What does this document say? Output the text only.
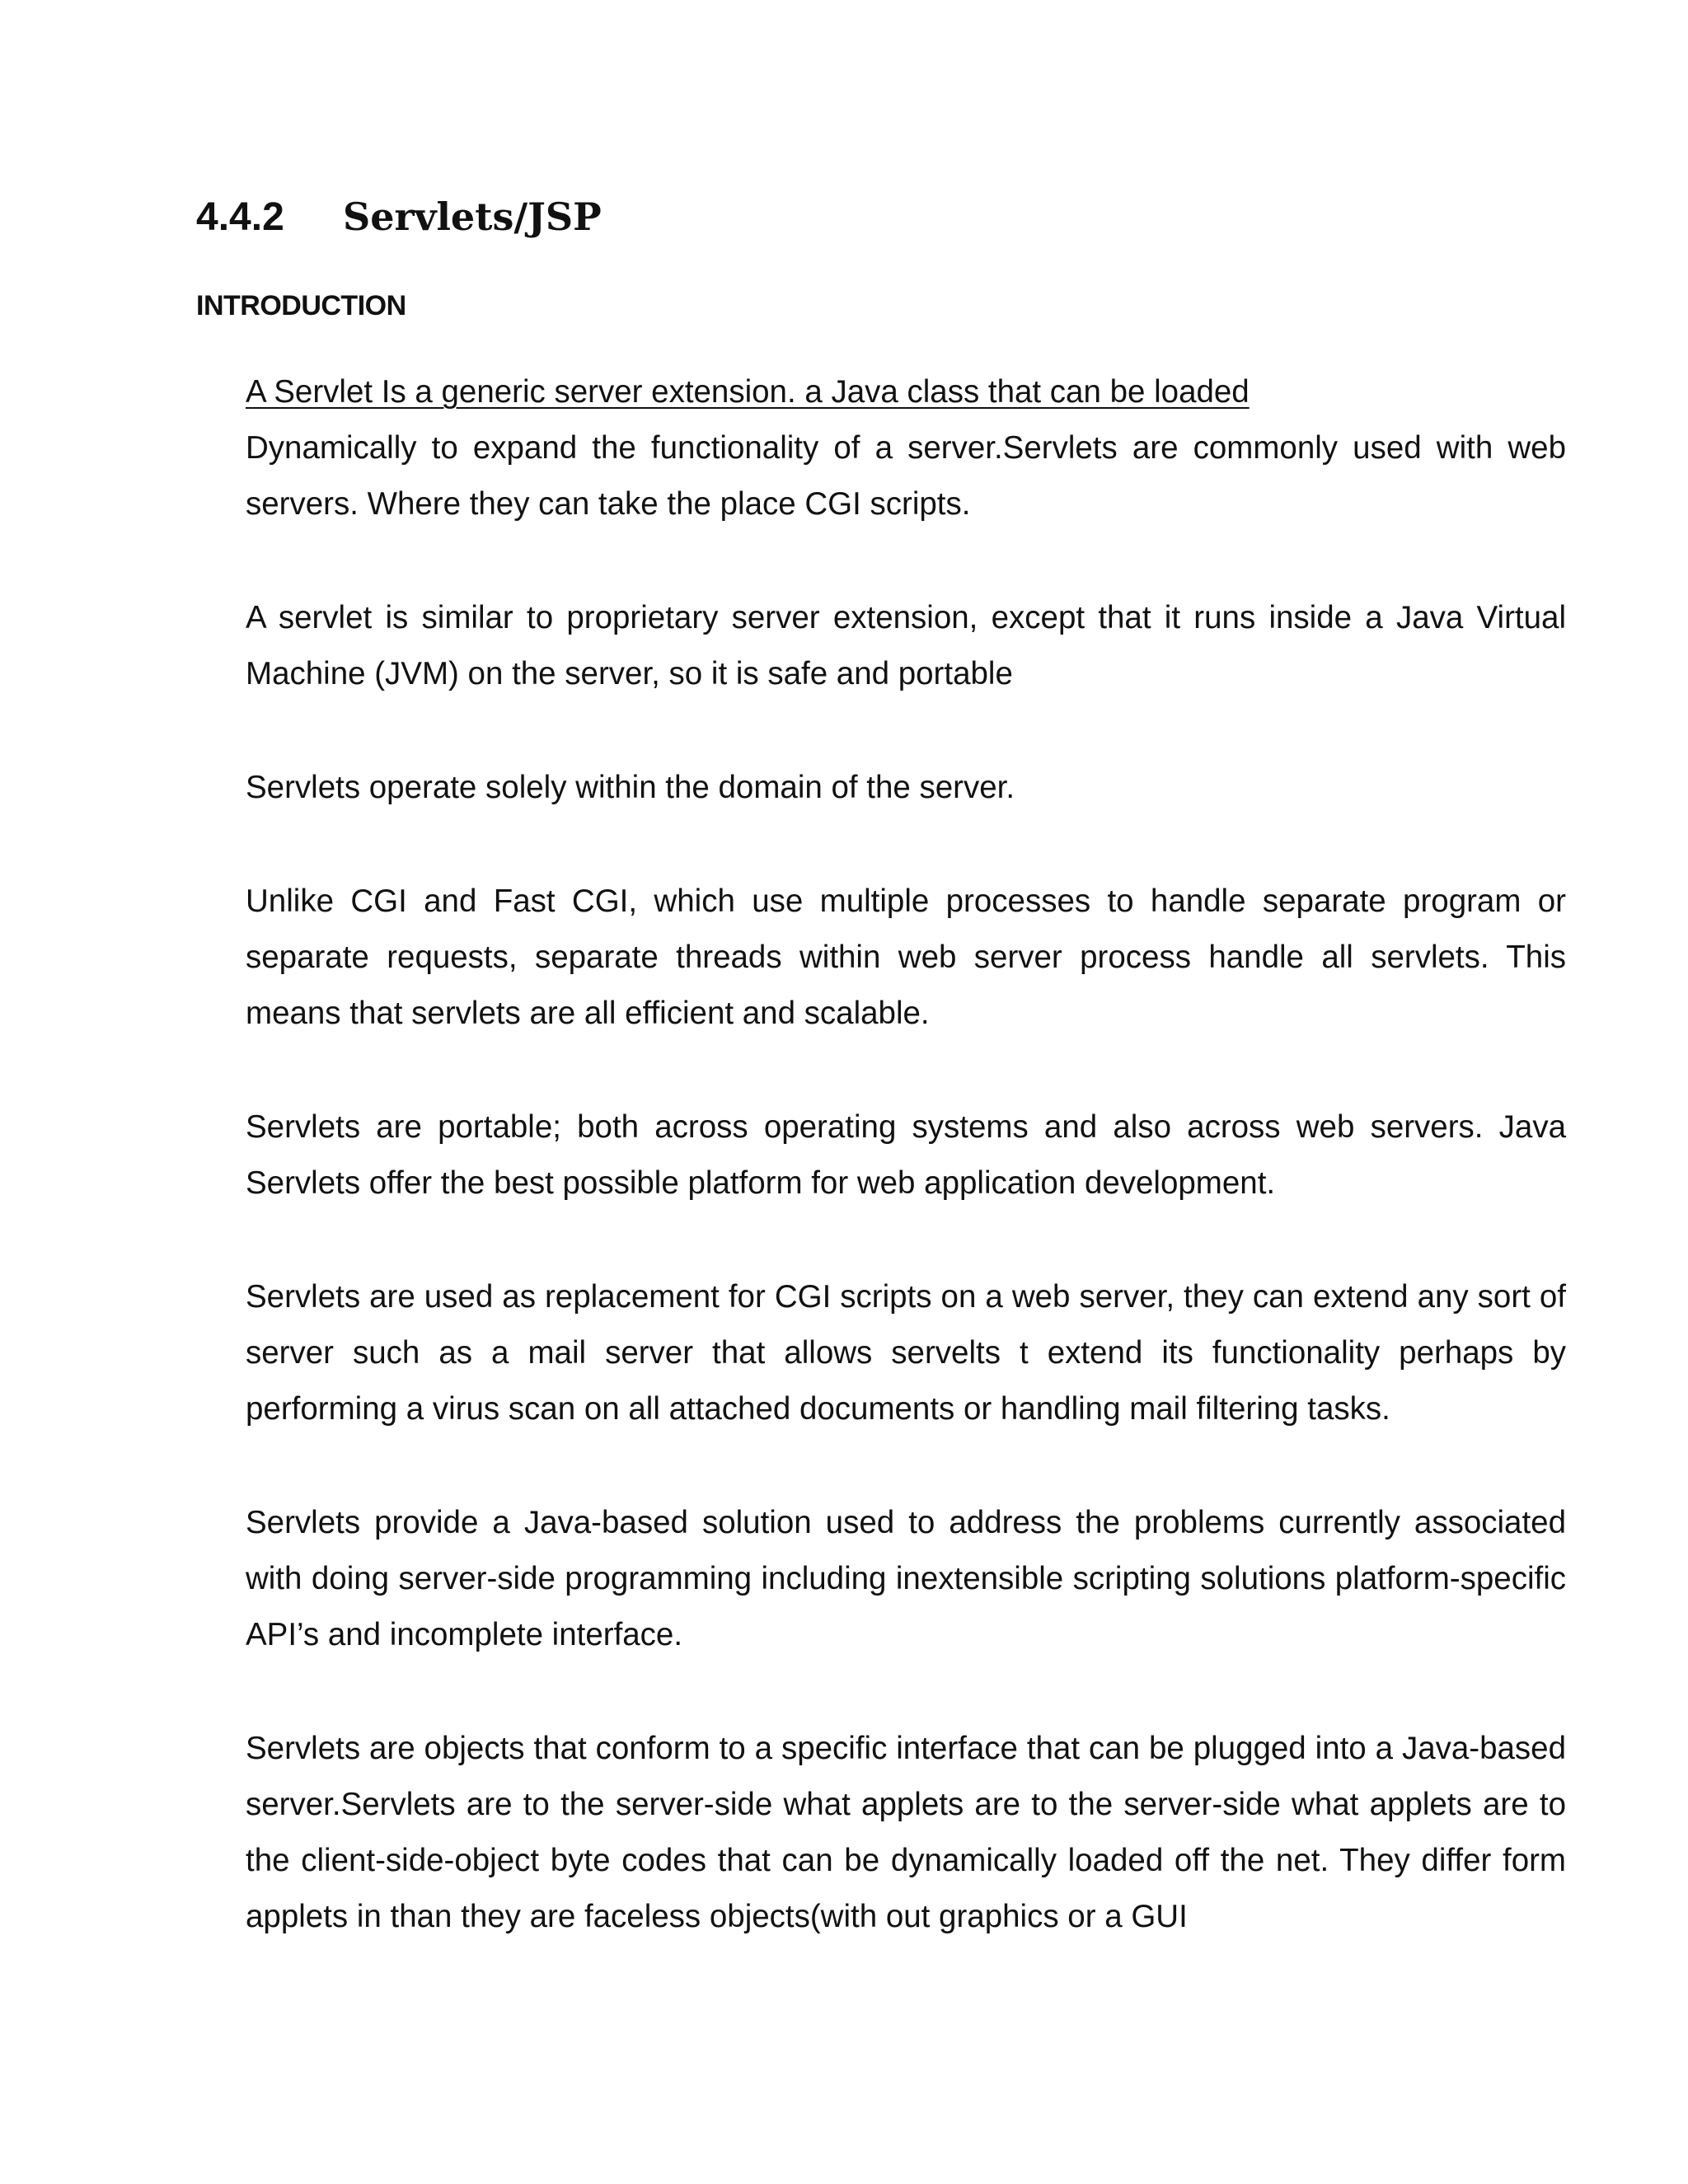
4.4.2	Servlets/JSP
INTRODUCTION

A Servlet Is a generic server extension. a Java class that can be loaded
Dynamically to expand the functionality of a server.Servlets are commonly used with web servers. Where they can take the place CGI scripts.

A servlet is similar to proprietary server extension, except that it runs inside a Java Virtual Machine (JVM) on the server, so it is safe and portable

Servlets operate solely within the domain of the server.

Unlike CGI and Fast CGI, which use multiple processes to handle separate program or separate requests, separate threads within web server process handle all servlets. This means that servlets are all efficient and scalable.

Servlets are portable; both across operating systems and also across web servers. Java Servlets offer the best possible platform for web application development.

Servlets are used as replacement for CGI scripts on a web server, they can extend any sort of server such as a mail server that allows servelts t extend its functionality perhaps by performing a virus scan on all attached documents or handling mail filtering tasks.

Servlets provide a Java-based solution used to address the problems currently associated with doing server-side programming including inextensible scripting solutions platform-specific API’s and incomplete interface.

Servlets are objects that conform to a specific interface that can be plugged into a Java-based server.Servlets are to the server-side what applets are to the server-side what applets are to the client-side-object byte codes that can be dynamically loaded off the net. They differ form applets in than they are faceless objects(with out graphics or a GUI
